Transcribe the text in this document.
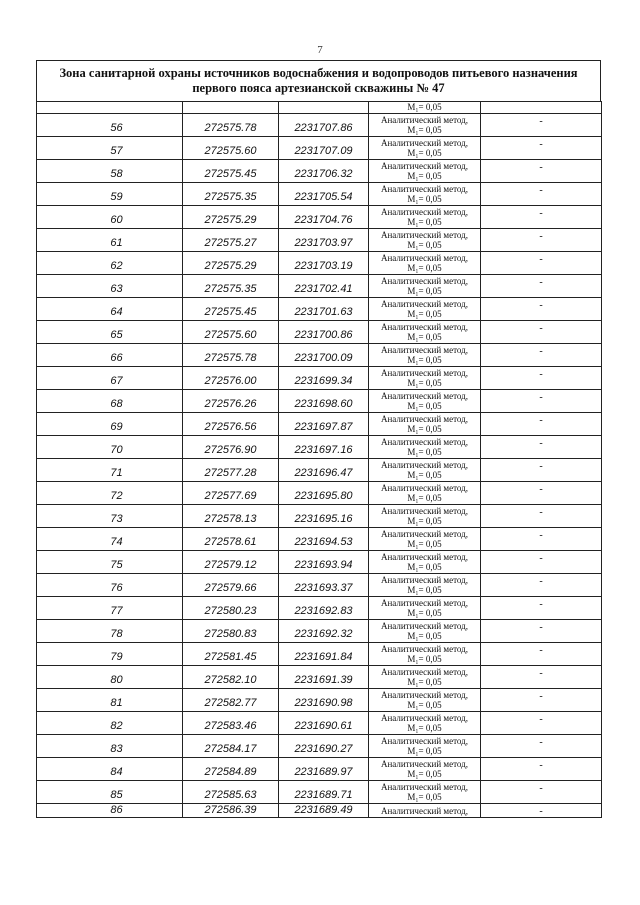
7
Зона санитарной охраны источников водоснабжения и водопроводов питьевого назначения
первого пояса артезианской скважины № 47
			M₁= 0,05	
56	272575.78	2231707.86	Аналитический метод,
M₁= 0,05	-
57	272575.60	2231707.09	Аналитический метод,
M₁= 0,05	-
58	272575.45	2231706.32	Аналитический метод,
M₁= 0,05	-
59	272575.35	2231705.54	Аналитический метод,
M₁= 0,05	-
60	272575.29	2231704.76	Аналитический метод,
M₁= 0,05	-
61	272575.27	2231703.97	Аналитический метод,
M₁= 0,05	-
62	272575.29	2231703.19	Аналитический метод,
M₁= 0,05	-
63	272575.35	2231702.41	Аналитический метод,
M₁= 0,05	-
64	272575.45	2231701.63	Аналитический метод,
M₁= 0,05	-
65	272575.60	2231700.86	Аналитический метод,
M₁= 0,05	-
66	272575.78	2231700.09	Аналитический метод,
M₁= 0,05	-
67	272576.00	2231699.34	Аналитический метод,
M₁= 0,05	-
68	272576.26	2231698.60	Аналитический метод,
M₁= 0,05	-
69	272576.56	2231697.87	Аналитический метод,
M₁= 0,05	-
70	272576.90	2231697.16	Аналитический метод,
M₁= 0,05	-
71	272577.28	2231696.47	Аналитический метод,
M₁= 0,05	-
72	272577.69	2231695.80	Аналитический метод,
M₁= 0,05	-
73	272578.13	2231695.16	Аналитический метод,
M₁= 0,05	-
74	272578.61	2231694.53	Аналитический метод,
M₁= 0,05	-
75	272579.12	2231693.94	Аналитический метод,
M₁= 0,05	-
76	272579.66	2231693.37	Аналитический метод,
M₁= 0,05	-
77	272580.23	2231692.83	Аналитический метод,
M₁= 0,05	-
78	272580.83	2231692.32	Аналитический метод,
M₁= 0,05	-
79	272581.45	2231691.84	Аналитический метод,
M₁= 0,05	-
80	272582.10	2231691.39	Аналитический метод,
M₁= 0,05	-
81	272582.77	2231690.98	Аналитический метод,
M₁= 0,05	-
82	272583.46	2231690.61	Аналитический метод,
M₁= 0,05	-
83	272584.17	2231690.27	Аналитический метод,
M₁= 0,05	-
84	272584.89	2231689.97	Аналитический метод,
M₁= 0,05	-
85	272585.63	2231689.71	Аналитический метод,
M₁= 0,05	-
86	272586.39	2231689.49	Аналитический метод,	-
